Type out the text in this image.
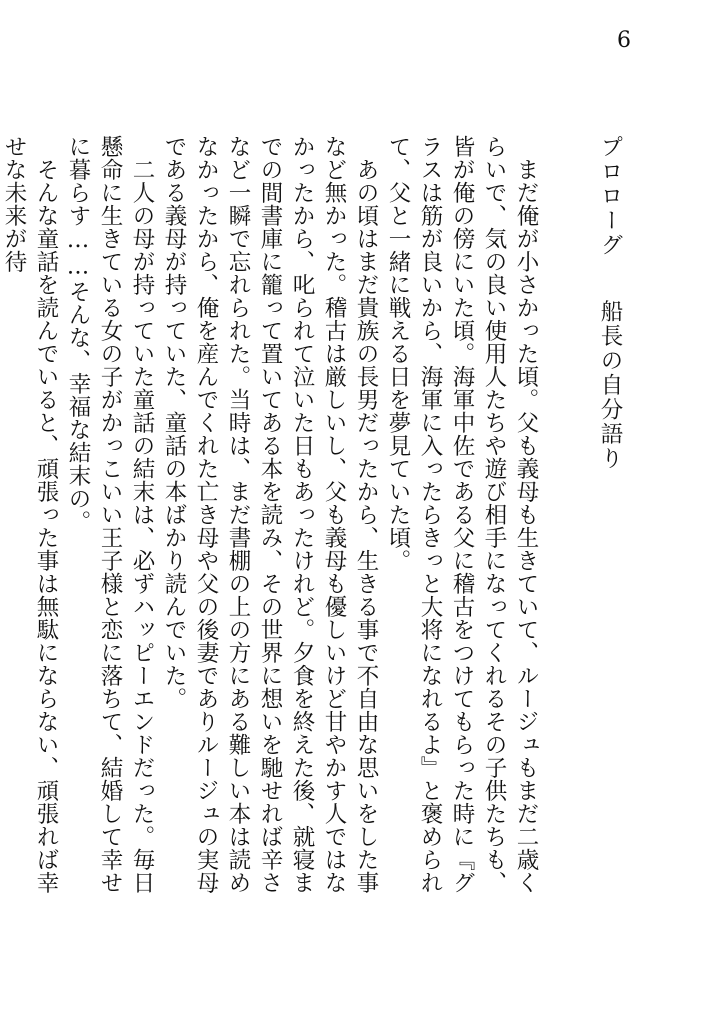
6
プロローグ船長の自分語り

　まだ俺が小さかった頃。父も義母も生きていて、ルージュもまだ二歳くらいで、気の良い使用人たちや遊び相手になってくれるその子供たちも、皆が俺の傍にいた頃。海軍中佐である父に稽古をつけてもらった時に『グラスは筋が良いから、海軍に入ったらきっと大将になれるよ』と褒められて、父と一緒に戦える日を夢見ていた頃。

　あの頃はまだ貴族の長男だったから、生きる事で不自由な思いをした事など無かった。稽古は厳しいし、父も義母も優しいけど甘やかす人ではなかったから、叱られて泣いた日もあったけれど。夕食を終えた後、就寝までの間書庫に籠って置いてある本を読み、その世界に想いを馳せれば辛さなど一瞬で忘れられた。当時は、まだ書棚の上の方にある難しい本は読めなかったから、俺を産んでくれた亡き母や父の後妻でありルージュの実母である義母が持っていた、童話の本ばかり読んでいた。

　二人の母が持っていた童話の結末は、必ずハッピーエンドだった。毎日懸命に生きている女の子がかっこいい王子様と恋に落ちて、結婚して幸せに暮らす……そんな、幸福な結末の。

　そんな童話を読んでいると、頑張った事は無駄にならない、頑張れば幸せな未来が待
